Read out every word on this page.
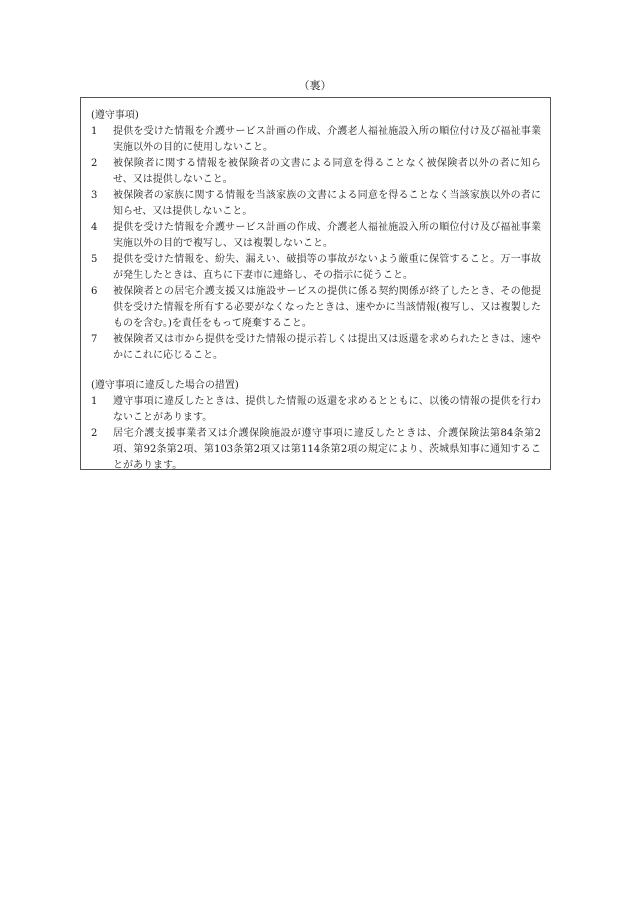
（裏）

(遵守事項)

1	提供を受けた情報を介護サービス計画の作成、介護老人福祉施設入所の順位付け及び福祉事業実施以外の目的に使用しないこと。
2	被保険者に関する情報を被保険者の文書による同意を得ることなく被保険者以外の者に知らせ、又は提供しないこと。
3	被保険者の家族に関する情報を当該家族の文書による同意を得ることなく当該家族以外の者に知らせ、又は提供しないこと。
4	提供を受けた情報を介護サービス計画の作成、介護老人福祉施設入所の順位付け及び福祉事業実施以外の目的で複写し、又は複製しないこと。
5	提供を受けた情報を、紛失、漏えい、破損等の事故がないよう厳重に保管すること。万一事故が発生したときは、直ちに下妻市に連絡し、その指示に従うこと。
6	被保険者との居宅介護支援又は施設サービスの提供に係る契約関係が終了したとき、その他提供を受けた情報を所有する必要がなくなったときは、速やかに当該情報(複写し、又は複製したものを含む。)を責任をもって廃棄すること。
7	被保険者又は市から提供を受けた情報の提示若しくは提出又は返還を求められたときは、速やかにこれに応じること。

(遵守事項に違反した場合の措置)

1	遵守事項に違反したときは、提供した情報の返還を求めるとともに、以後の情報の提供を行わないことがあります。
2	居宅介護支援事業者又は介護保険施設が遵守事項に違反したときは、介護保険法第84条第2項、第92条第2項、第103条第2項又は第114条第2項の規定により、茨城県知事に通知することがあります。
